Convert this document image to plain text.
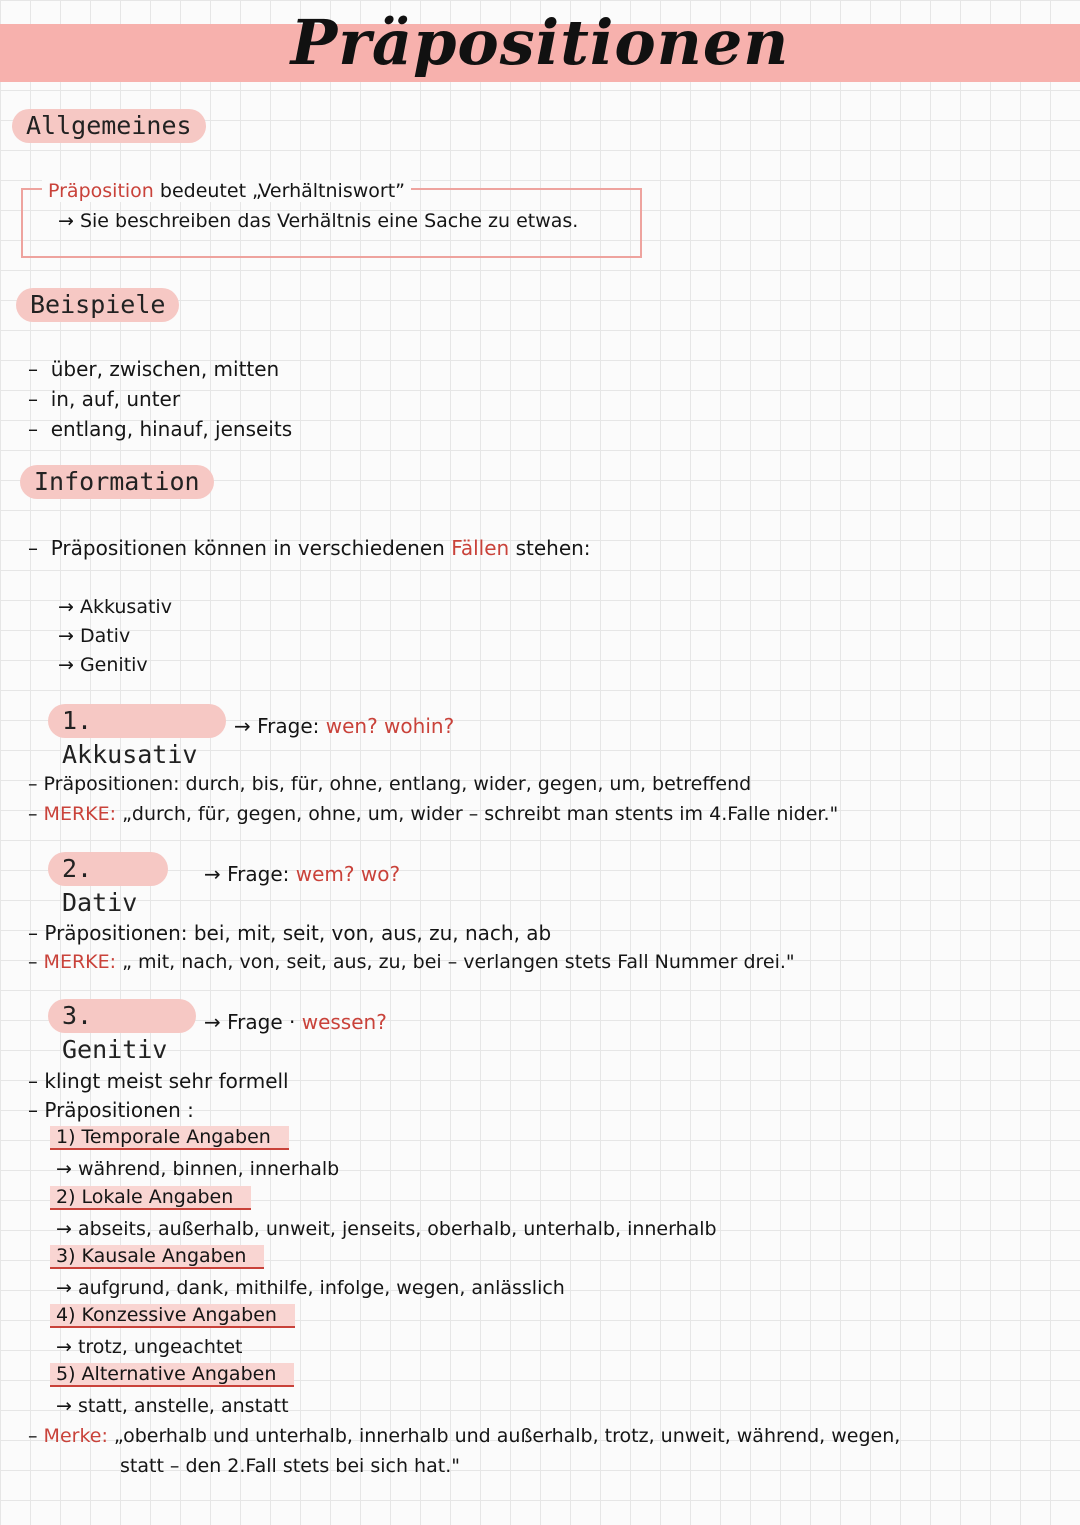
Präpositionen
Allgemeines
Präposition bedeutet „Verhältniswort”
→ Sie beschreiben das Verhältnis eine Sache zu etwas.
Beispiele
–  über, zwischen, mitten
–  in, auf, unter
–  entlang, hinauf, jenseits
Information
–  Präpositionen können in verschiedenen Fällen stehen:
→ Akkusativ
→ Dativ
→ Genitiv
1. Akkusativ
→ Frage: wen? wohin?
– Präpositionen: durch, bis, für, ohne, entlang, wider, gegen, um, betreffend
– MERKE: „durch, für, gegen, ohne, um, wider – schreibt man stents im 4.Falle nider."
2. Dativ
→ Frage: wem? wo?
– Präpositionen: bei, mit, seit, von, aus, zu, nach, ab
– MERKE: „ mit, nach, von, seit, aus, zu, bei – verlangen stets Fall Nummer drei."
3. Genitiv
→ Frage · wessen?
– klingt meist sehr formell
– Präpositionen :
1) Temporale Angaben
→ während, binnen, innerhalb
2) Lokale Angaben
→ abseits, außerhalb, unweit, jenseits, oberhalb, unterhalb, innerhalb
3) Kausale Angaben
→ aufgrund, dank, mithilfe, infolge, wegen, anlässlich
4) Konzessive Angaben
→ trotz, ungeachtet
5) Alternative Angaben
→ statt, anstelle, anstatt
– Merke: „oberhalb und unterhalb, innerhalb und außerhalb, trotz, unweit, während, wegen,
statt – den 2.Fall stets bei sich hat."
